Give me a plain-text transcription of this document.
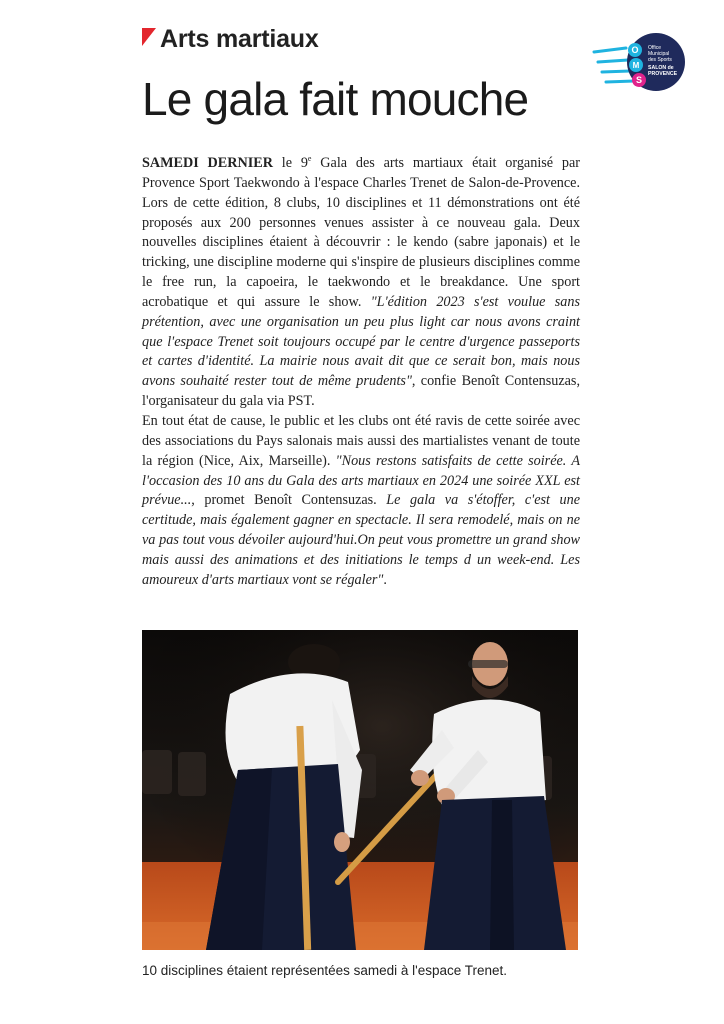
Arts martiaux
Le gala fait mouche
O
M
S
Office
Municipal
des Sports
SALON de
PROVENCE

SAMEDI DERNIER le 9e Gala des arts martiaux était organisé par Provence Sport Taekwondo à l'espace Charles Trenet de Salon-de-Provence. Lors de cette édition, 8 clubs, 10 disciplines et 11 démonstrations ont été proposés aux 200 personnes venues assister à ce nouveau gala. Deux nouvelles disciplines étaient à découvrir : le kendo (sabre japonais) et le tricking, une discipline moderne qui s'inspire de plusieurs disciplines comme le free run, la capoeira, le taekwondo et le breakdance. Une sport acrobatique et qui assure le show. "L'édition 2023 s'est voulue sans prétention, avec une organisation un peu plus light car nous avons craint que l'espace Trenet soit toujours occupé par le centre d'urgence passeports et cartes d'identité. La mairie nous avait dit que ce serait bon, mais nous avons souhaité rester tout de même prudents", confie Benoît Contensuzas, l'organisateur du gala via PST.

En tout état de cause, le public et les clubs ont été ravis de cette soirée avec des associations du Pays salonais mais aussi des martialistes venant de toute la région (Nice, Aix, Marseille). "Nous restons satisfaits de cette soirée. A l'occasion des 10 ans du Gala des arts martiaux en 2024 une soirée XXL est prévue..., promet Benoît Contensuzas. Le gala va s'étoffer, c'est une certitude, mais également gagner en spectacle. Il sera remodelé, mais on ne va pas tout vous dévoiler aujourd'hui.On peut vous promettre un grand show mais aussi des animations et des initiations le temps d un week-end. Les amoureux d'arts martiaux vont se régaler".

10 disciplines étaient représentées samedi à l'espace Trenet.
